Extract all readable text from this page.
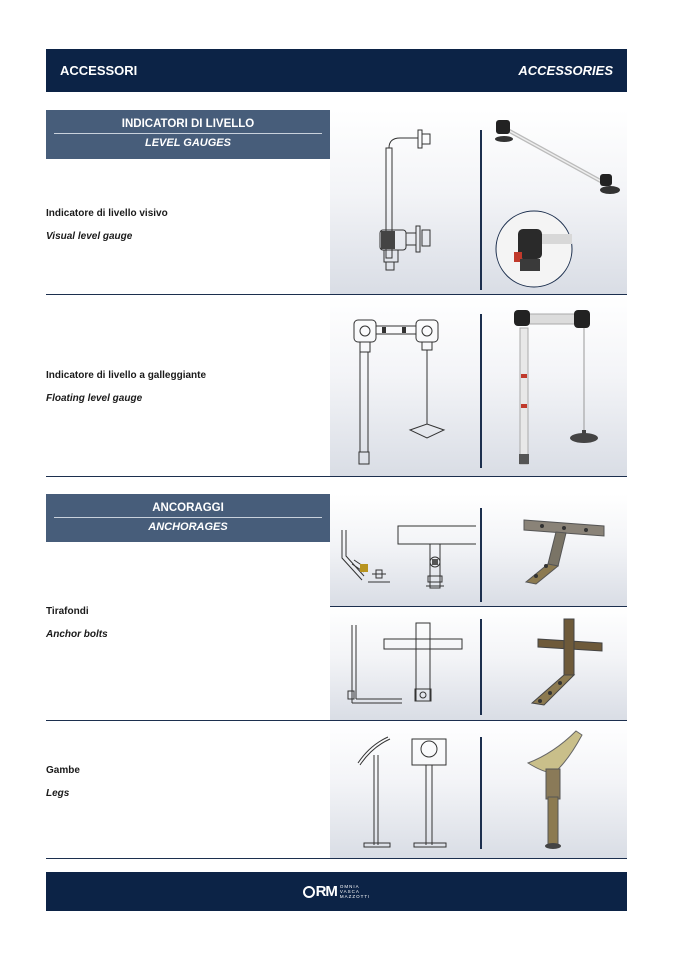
ACCESSORI	ACCESSORIES
INDICATORI DI LIVELLO
LEVEL GAUGES
Indicatore di livello visivo
Visual level gauge
Indicatore di livello a galleggiante
Floating level gauge
ANCORAGGI
ANCHORAGES
Tirafondi
Anchor bolts
Gambe
Legs
RM OMNIA
VASCA
MAZZOTTI
